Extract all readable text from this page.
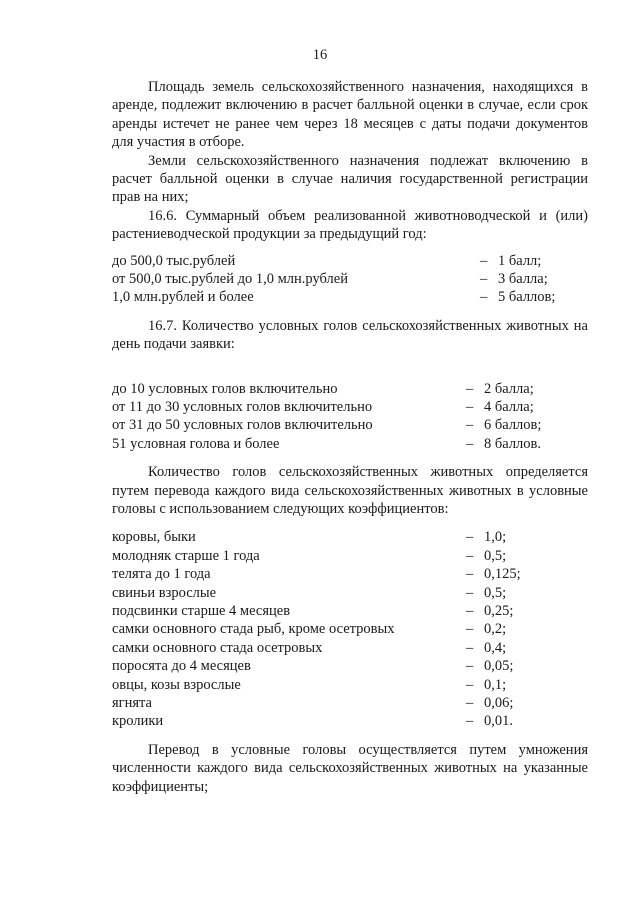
16

Площадь земель сельскохозяйственного назначения, находящихся в аренде, подлежит включению в расчет балльной оценки в случае, если срок аренды истечет не ранее чем через 18 месяцев с даты подачи документов для участия в отборе.

Земли сельскохозяйственного назначения подлежат включению в расчет балльной оценки в случае наличия государственной регистрации прав на них;

16.6. Суммарный объем реализованной животноводческой и (или) растениеводческой продукции за предыдущий год:

до 500,0 тыс.рублей	– 1 балл;
от 500,0 тыс.рублей до 1,0 млн.рублей	– 3 балла;
1,0 млн.рублей и более	– 5 баллов;

16.7. Количество условных голов сельскохозяйственных животных на день подачи заявки:

до 10 условных голов включительно	– 2 балла;
от 11 до 30 условных голов включительно	– 4 балла;
от 31 до 50 условных голов включительно	– 6 баллов;
51 условная голова и более	– 8 баллов.

Количество голов сельскохозяйственных животных определяется путем перевода каждого вида сельскохозяйственных животных в условные головы с использованием следующих коэффициентов:

коровы, быки	– 1,0;
молодняк старше 1 года	– 0,5;
телята до 1 года	– 0,125;
свиньи взрослые	– 0,5;
подсвинки старше 4 месяцев	– 0,25;
самки основного стада рыб, кроме осетровых	– 0,2;
самки основного стада осетровых	– 0,4;
поросята до 4 месяцев	– 0,05;
овцы, козы взрослые	– 0,1;
ягнята	– 0,06;
кролики	– 0,01.

Перевод в условные головы осуществляется путем умножения численности каждого вида сельскохозяйственных животных на указанные коэффициенты;
